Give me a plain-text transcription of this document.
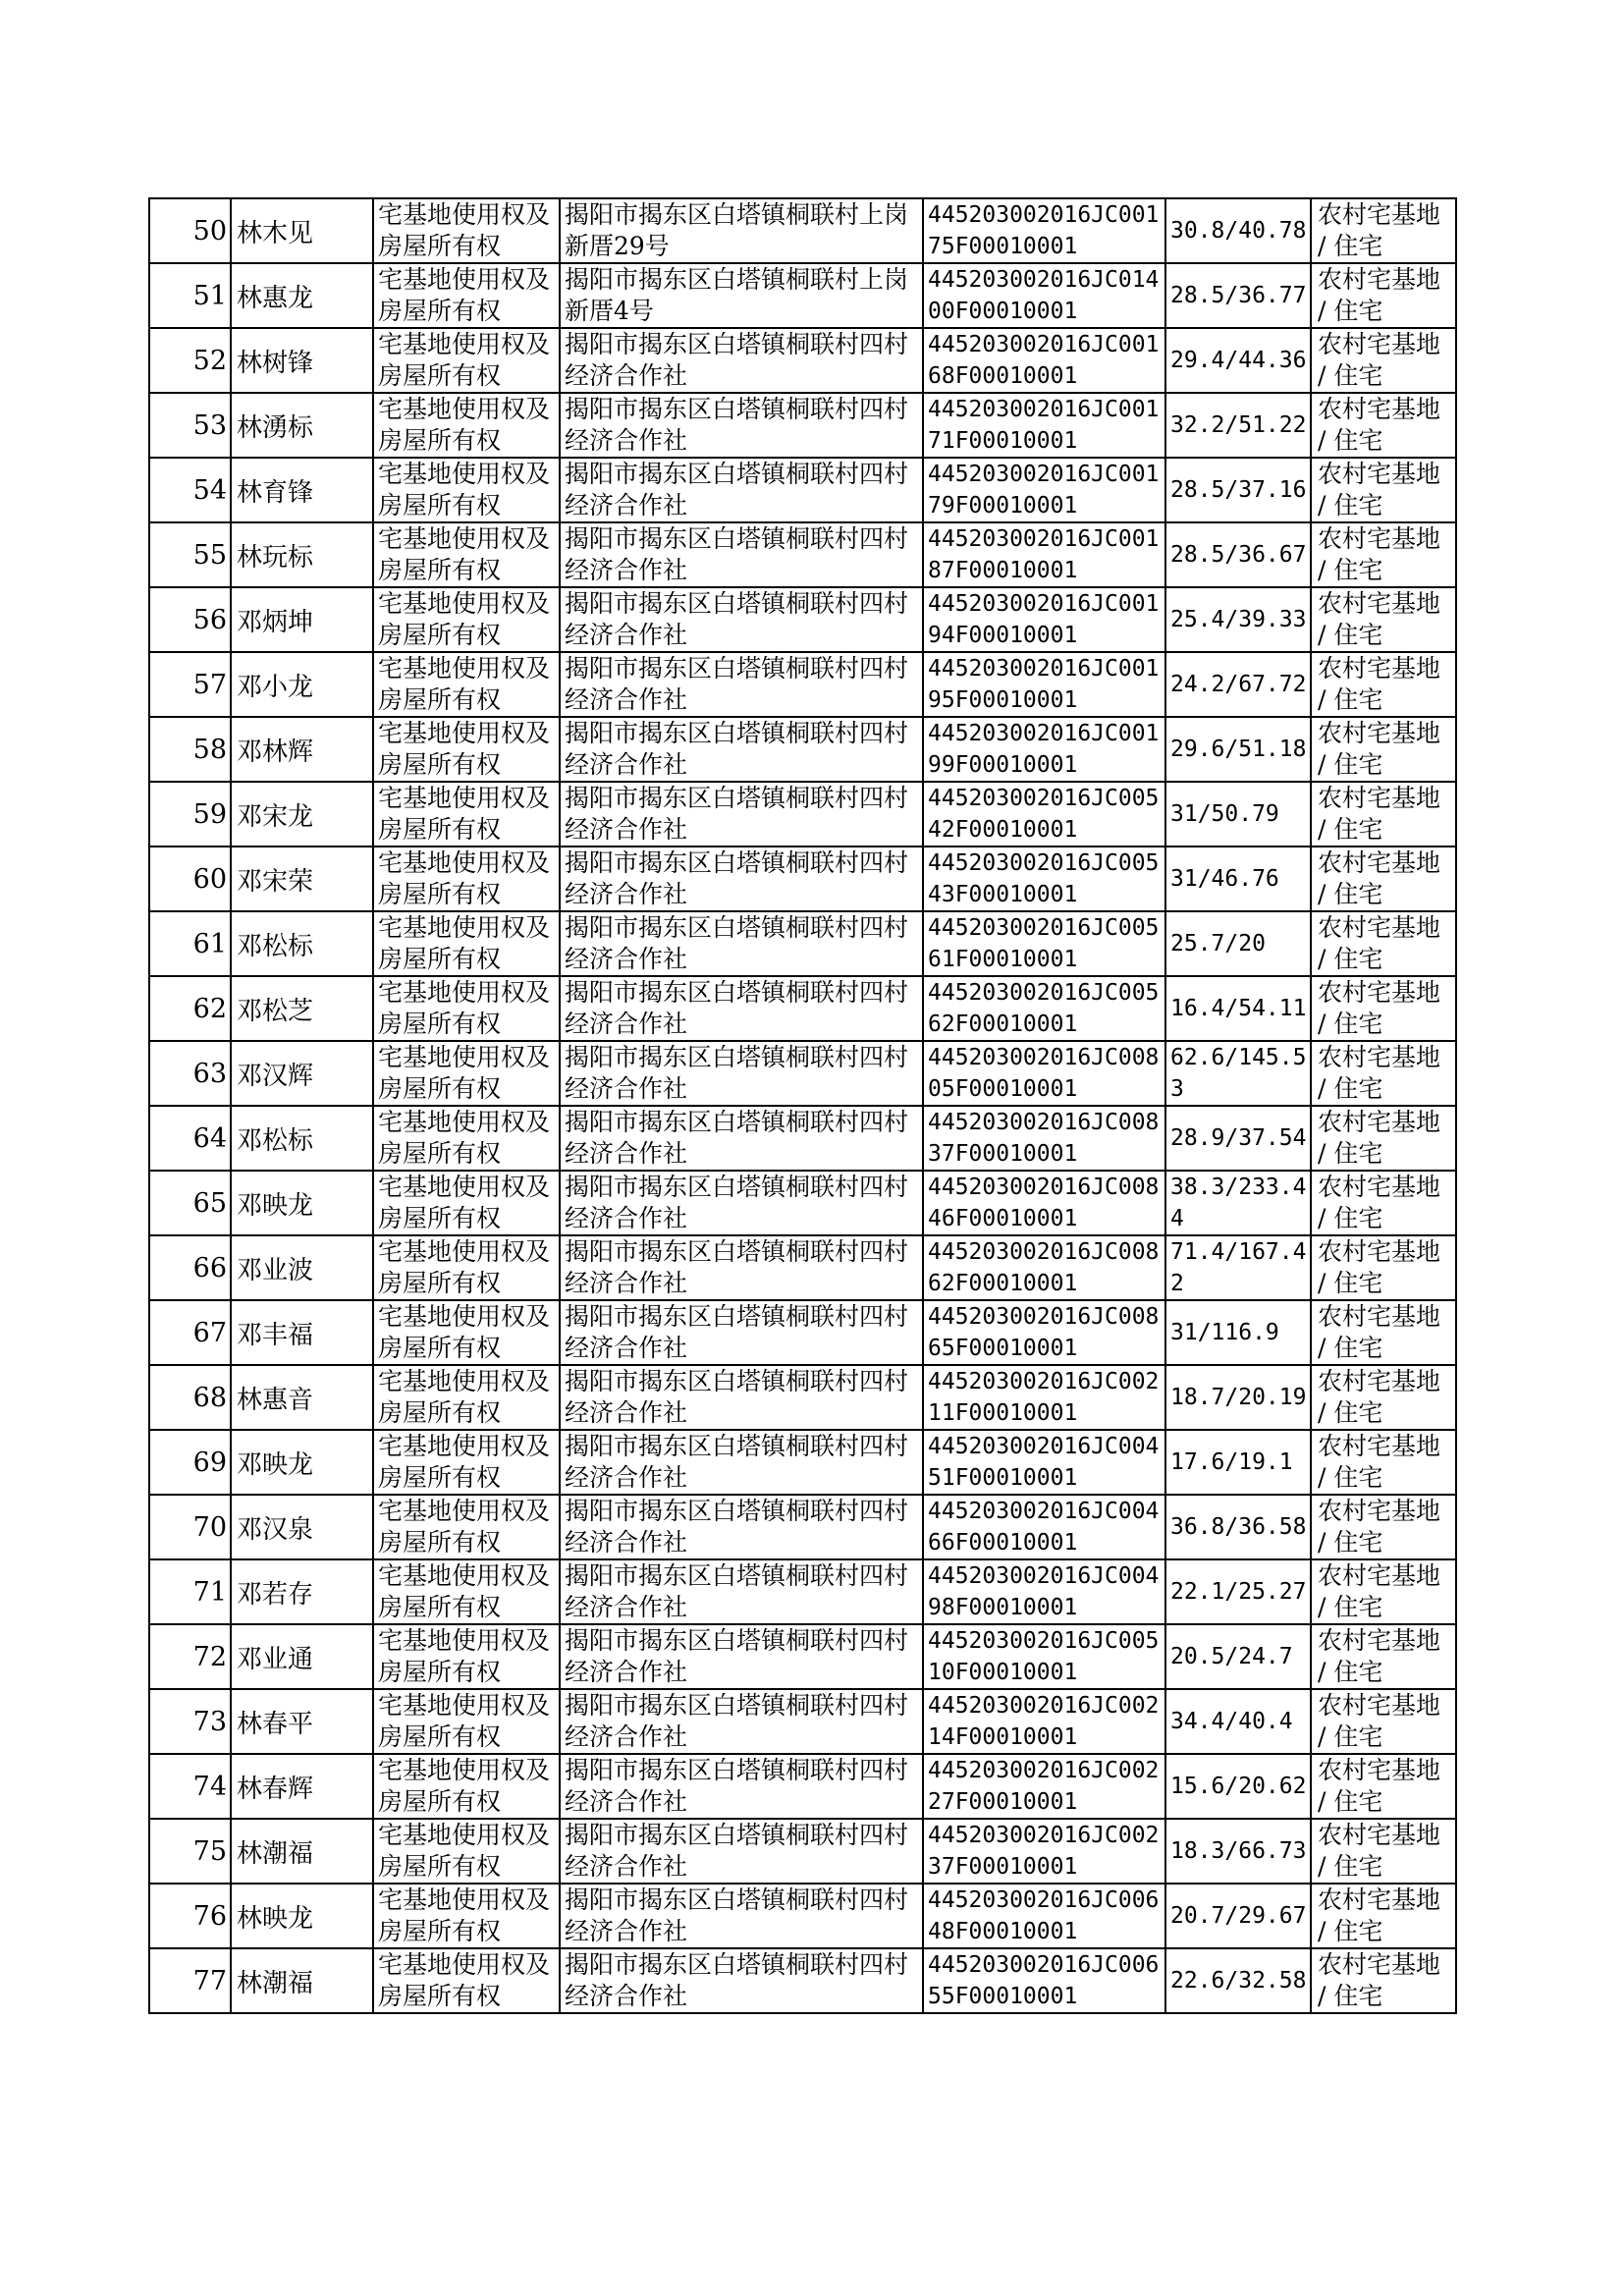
50	林木见	宅基地使用权及房屋所有权	揭阳市揭东区白塔镇桐联村上岗新厝29号	445203002016JC00175F00010001	30.8/40.78	农村宅基地 / 住宅

51	林惠龙	宅基地使用权及房屋所有权	揭阳市揭东区白塔镇桐联村上岗新厝4号	445203002016JC01400F00010001	28.5/36.77	农村宅基地 / 住宅

52	林树锋	宅基地使用权及房屋所有权	揭阳市揭东区白塔镇桐联村四村经济合作社	445203002016JC00168F00010001	29.4/44.36	农村宅基地 / 住宅

53	林湧标	宅基地使用权及房屋所有权	揭阳市揭东区白塔镇桐联村四村经济合作社	445203002016JC00171F00010001	32.2/51.22	农村宅基地 / 住宅

54	林育锋	宅基地使用权及房屋所有权	揭阳市揭东区白塔镇桐联村四村经济合作社	445203002016JC00179F00010001	28.5/37.16	农村宅基地 / 住宅

55	林玩标	宅基地使用权及房屋所有权	揭阳市揭东区白塔镇桐联村四村经济合作社	445203002016JC00187F00010001	28.5/36.67	农村宅基地 / 住宅

56	邓炳坤	宅基地使用权及房屋所有权	揭阳市揭东区白塔镇桐联村四村经济合作社	445203002016JC00194F00010001	25.4/39.33	农村宅基地 / 住宅

57	邓小龙	宅基地使用权及房屋所有权	揭阳市揭东区白塔镇桐联村四村经济合作社	445203002016JC00195F00010001	24.2/67.72	农村宅基地 / 住宅

58	邓林辉	宅基地使用权及房屋所有权	揭阳市揭东区白塔镇桐联村四村经济合作社	445203002016JC00199F00010001	29.6/51.18	农村宅基地 / 住宅

59	邓宋龙	宅基地使用权及房屋所有权	揭阳市揭东区白塔镇桐联村四村经济合作社	445203002016JC00542F00010001	31/50.79	农村宅基地 / 住宅

60	邓宋荣	宅基地使用权及房屋所有权	揭阳市揭东区白塔镇桐联村四村经济合作社	445203002016JC00543F00010001	31/46.76	农村宅基地 / 住宅

61	邓松标	宅基地使用权及房屋所有权	揭阳市揭东区白塔镇桐联村四村经济合作社	445203002016JC00561F00010001	25.7/20	农村宅基地 / 住宅

62	邓松芝	宅基地使用权及房屋所有权	揭阳市揭东区白塔镇桐联村四村经济合作社	445203002016JC00562F00010001	16.4/54.11	农村宅基地 / 住宅

63	邓汉辉	宅基地使用权及房屋所有权	揭阳市揭东区白塔镇桐联村四村经济合作社	445203002016JC00805F00010001	62.6/145.53	农村宅基地 / 住宅

64	邓松标	宅基地使用权及房屋所有权	揭阳市揭东区白塔镇桐联村四村经济合作社	445203002016JC00837F00010001	28.9/37.54	农村宅基地 / 住宅

65	邓映龙	宅基地使用权及房屋所有权	揭阳市揭东区白塔镇桐联村四村经济合作社	445203002016JC00846F00010001	38.3/233.44	农村宅基地 / 住宅

66	邓业波	宅基地使用权及房屋所有权	揭阳市揭东区白塔镇桐联村四村经济合作社	445203002016JC00862F00010001	71.4/167.42	农村宅基地 / 住宅

67	邓丰福	宅基地使用权及房屋所有权	揭阳市揭东区白塔镇桐联村四村经济合作社	445203002016JC00865F00010001	31/116.9	农村宅基地 / 住宅

68	林惠音	宅基地使用权及房屋所有权	揭阳市揭东区白塔镇桐联村四村经济合作社	445203002016JC00211F00010001	18.7/20.19	农村宅基地 / 住宅

69	邓映龙	宅基地使用权及房屋所有权	揭阳市揭东区白塔镇桐联村四村经济合作社	445203002016JC00451F00010001	17.6/19.1	农村宅基地 / 住宅

70	邓汉泉	宅基地使用权及房屋所有权	揭阳市揭东区白塔镇桐联村四村经济合作社	445203002016JC00466F00010001	36.8/36.58	农村宅基地 / 住宅

71	邓若存	宅基地使用权及房屋所有权	揭阳市揭东区白塔镇桐联村四村经济合作社	445203002016JC00498F00010001	22.1/25.27	农村宅基地 / 住宅

72	邓业通	宅基地使用权及房屋所有权	揭阳市揭东区白塔镇桐联村四村经济合作社	445203002016JC00510F00010001	20.5/24.7	农村宅基地 / 住宅

73	林春平	宅基地使用权及房屋所有权	揭阳市揭东区白塔镇桐联村四村经济合作社	445203002016JC00214F00010001	34.4/40.4	农村宅基地 / 住宅

74	林春辉	宅基地使用权及房屋所有权	揭阳市揭东区白塔镇桐联村四村经济合作社	445203002016JC00227F00010001	15.6/20.62	农村宅基地 / 住宅

75	林潮福	宅基地使用权及房屋所有权	揭阳市揭东区白塔镇桐联村四村经济合作社	445203002016JC00237F00010001	18.3/66.73	农村宅基地 / 住宅

76	林映龙	宅基地使用权及房屋所有权	揭阳市揭东区白塔镇桐联村四村经济合作社	445203002016JC00648F00010001	20.7/29.67	农村宅基地 / 住宅

77	林潮福	宅基地使用权及房屋所有权	揭阳市揭东区白塔镇桐联村四村经济合作社	445203002016JC00655F00010001	22.6/32.58	农村宅基地 / 住宅
